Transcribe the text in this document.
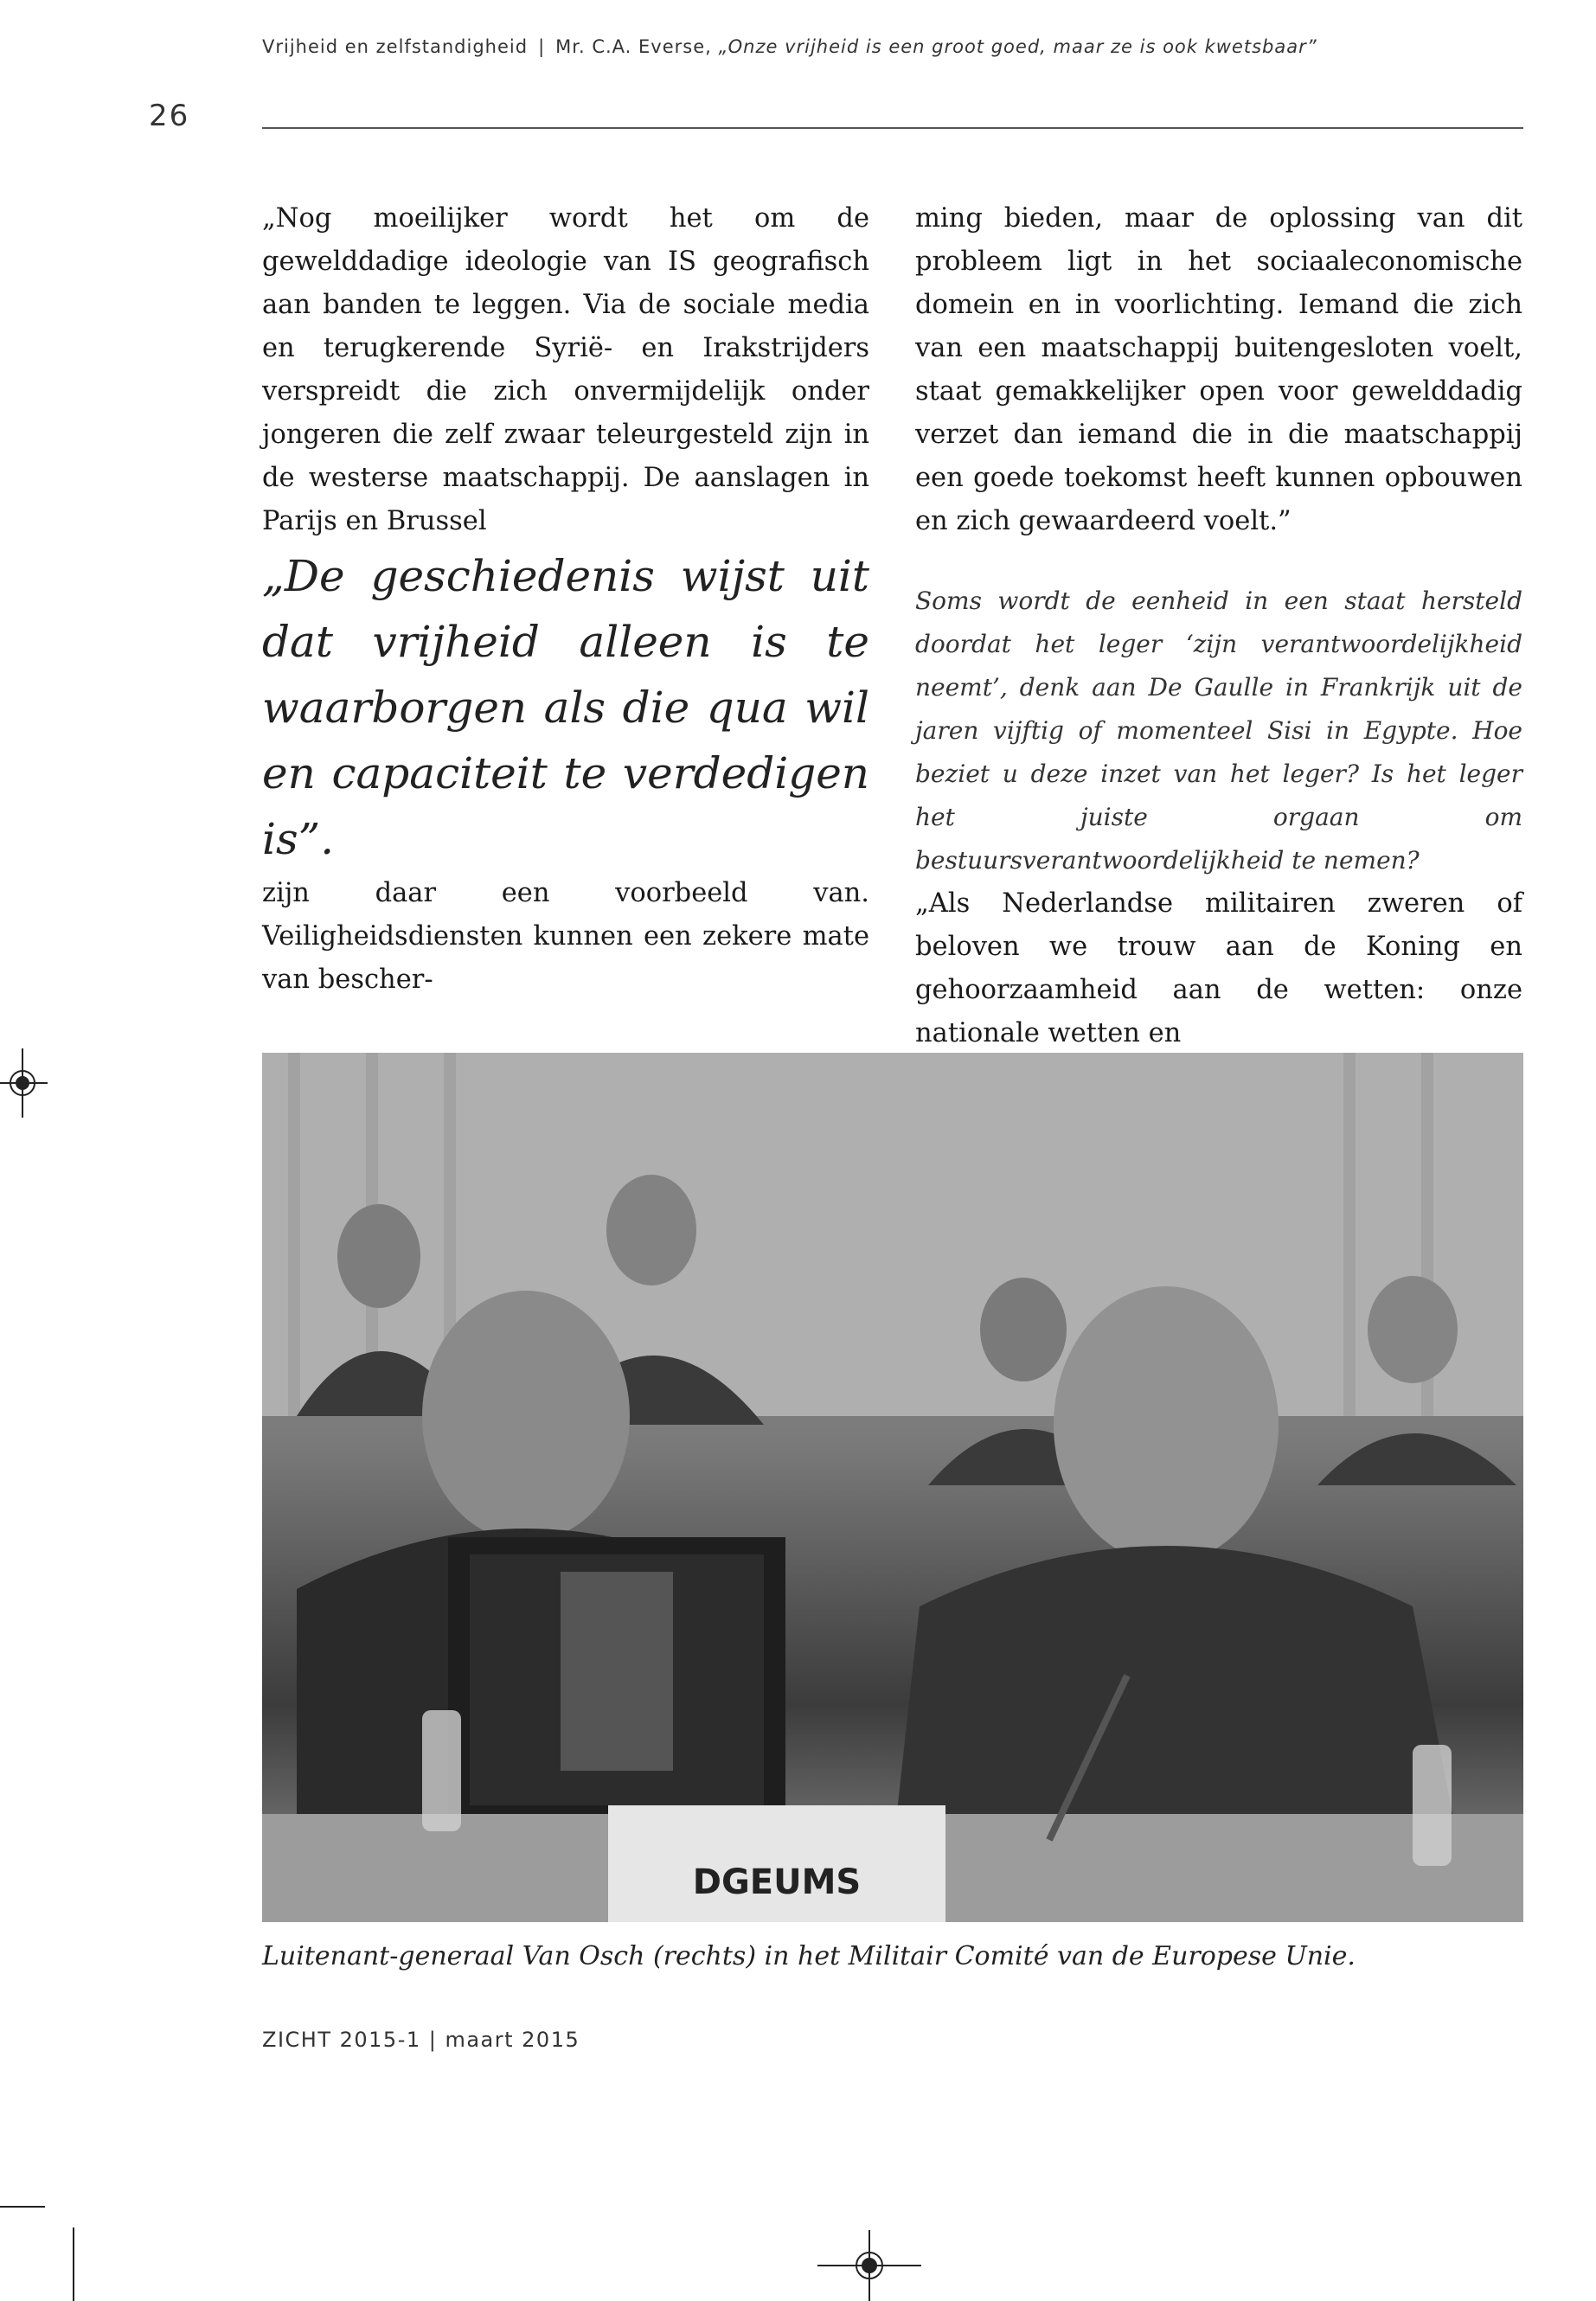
Vrijheid en zelfstandigheid | Mr. C.A. Everse, „Onze vrijheid is een groot goed, maar ze is ook kwetsbaar”
26

„Nog moeilijker wordt het om de gewelddadige ideologie van IS geografisch aan banden te leggen. Via de sociale media en terugkerende Syrië- en Irakstrijders verspreidt die zich onvermijdelijk onder jongeren die zelf zwaar teleurgesteld zijn in de westerse maatschappij. De aanslagen in Parijs en Brussel

„De geschiedenis wijst uit dat vrijheid alleen is te waarborgen als die qua wil en capaciteit te verdedigen is”.

zijn daar een voorbeeld van. Veiligheidsdiensten kunnen een zekere mate van bescher-

ming bieden, maar de oplossing van dit probleem ligt in het sociaaleconomische domein en in voorlichting. Iemand die zich van een maatschappij buitengesloten voelt, staat gemakkelijker open voor gewelddadig verzet dan iemand die in die maatschappij een goede toekomst heeft kunnen opbouwen en zich gewaardeerd voelt.”

Soms wordt de eenheid in een staat hersteld doordat het leger ‘zijn verantwoordelijkheid neemt’, denk aan De Gaulle in Frankrijk uit de jaren vijftig of momenteel Sisi in Egypte. Hoe beziet u deze inzet van het leger? Is het leger het juiste orgaan om bestuursverantwoordelijkheid te nemen?

„Als Nederlandse militairen zweren of beloven we trouw aan de Koning en gehoorzaamheid aan de wetten: onze nationale wetten en

DGEUMS
Luitenant-generaal Van Osch (rechts) in het Militair Comité van de Europese Unie.
ZICHT 2015-1 | maart 2015
